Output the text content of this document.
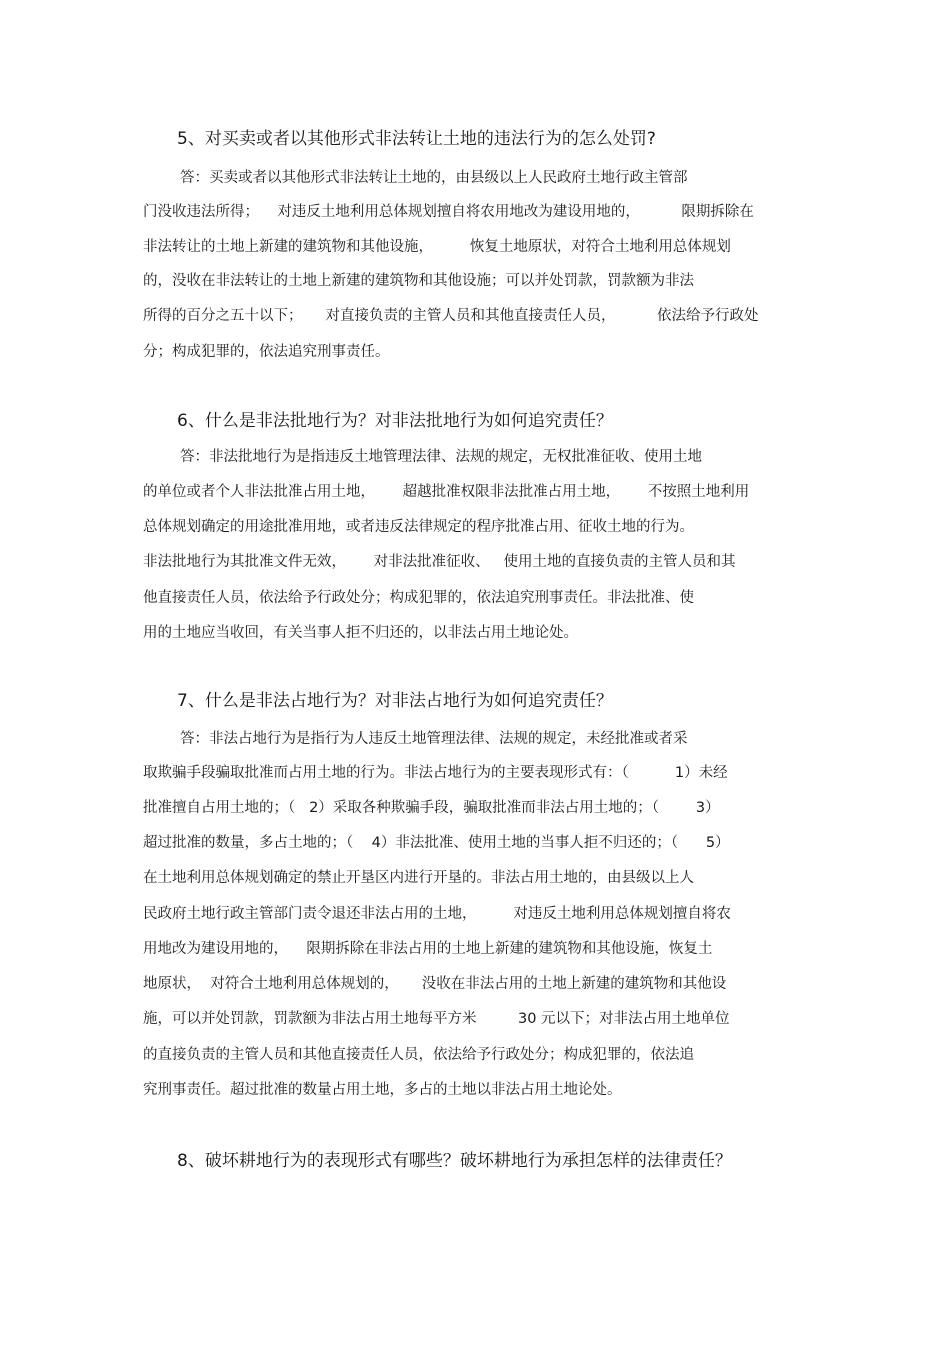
5、对买卖或者以其他形式非法转让土地的违法行为的怎么处罚?
答：买卖或者以其他形式非法转让土地的，由县级以上人民政府土地行政主管部
门没收违法所得；    对违反土地利用总体规划擅自将农用地改为建设用地的，         限期拆除在
非法转让的土地上新建的建筑物和其他设施，        恢复土地原状，对符合土地利用总体规划
的，没收在非法转让的土地上新建的建筑物和其他设施；可以并处罚款，罚款额为非法
所得的百分之五十以下；     对直接负责的主管人员和其他直接责任人员，         依法给予行政处
分；构成犯罪的，依法追究刑事责任。
6、什么是非法批地行为？对非法批地行为如何追究责任？
答：非法批地行为是指违反土地管理法律、法规的规定，无权批准征收、使用土地
的单位或者个人非法批准占用土地，      超越批准权限非法批准占用土地，      不按照土地利用
总体规划确定的用途批准用地，或者违反法律规定的程序批准占用、征收土地的行为。
非法批地行为其批准文件无效，      对非法批准征收、   使用土地的直接负责的主管人员和其
他直接责任人员，依法给予行政处分；构成犯罪的，依法追究刑事责任。非法批准、使
用的土地应当收回，有关当事人拒不归还的，以非法占用土地论处。
7、什么是非法占地行为？对非法占地行为如何追究责任？
答：非法占地行为是指行为人违反土地管理法律、法规的规定，未经批准或者采
取欺骗手段骗取批准而占用土地的行为。非法占地行为的主要表现形式有：（          1）未经
批准擅自占用土地的；（   2）采取各种欺骗手段，骗取批准而非法占用土地的；（        3）
超过批准的数量，多占土地的；（    4）非法批准、使用土地的当事人拒不归还的；（      5）
在土地利用总体规划确定的禁止开垦区内进行开垦的。非法占用土地的，由县级以上人
民政府土地行政主管部门责令退还非法占用的土地，        对违反土地利用总体规划擅自将农
用地改为建设用地的，    限期拆除在非法占用的土地上新建的建筑物和其他设施，恢复土
地原状，  对符合土地利用总体规划的，     没收在非法占用的土地上新建的建筑物和其他设
施，可以并处罚款，罚款额为非法占用土地每平方米         30 元以下；对非法占用土地单位
的直接负责的主管人员和其他直接责任人员，依法给予行政处分；构成犯罪的，依法追
究刑事责任。超过批准的数量占用土地，多占的土地以非法占用土地论处。
8、破坏耕地行为的表现形式有哪些？破坏耕地行为承担怎样的法律责任？
